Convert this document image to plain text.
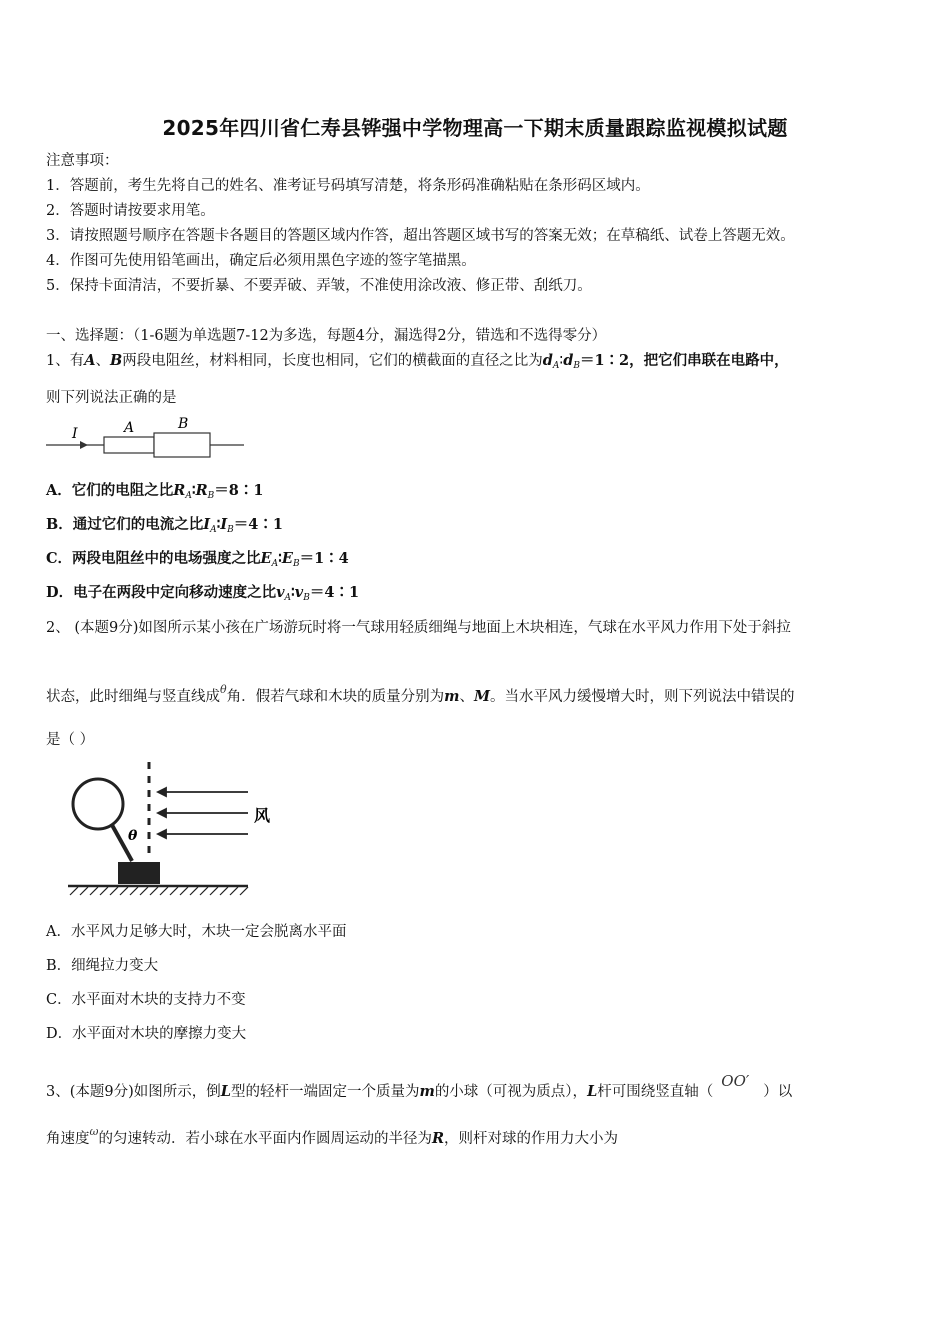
2025年四川省仁寿县铧强中学物理高一下期末质量跟踪监视模拟试题
注意事项：
1．答题前，考生先将自己的姓名、准考证号码填写清楚，将条形码准确粘贴在条形码区域内。
2．答题时请按要求用笔。
3．请按照题号顺序在答题卡各题目的答题区域内作答，超出答题区域书写的答案无效；在草稿纸、试卷上答题无效。
4．作图可先使用铅笔画出，确定后必须用黑色字迹的签字笔描黑。
5．保持卡面清洁，不要折暴、不要弄破、弄皱，不准使用涂改液、修正带、刮纸刀。
一、选择题：（1-6题为单选题7-12为多选，每题4分，漏选得2分，错选和不选得零分）
1、有A、B两段电阻丝，材料相同，长度也相同，它们的横截面的直径之比为$d_A∶d_B=1∶2$，把它们串联在电路中，
则下列说法正确的是
I	A	B
A．它们的电阻之比$R_A∶R_B=8∶1$
B．通过它们的电流之比$I_A∶I_B=4∶1$
C．两段电阻丝中的电场强度之比$E_A∶E_B=1∶4$
D．电子在两段中定向移动速度之比$v_A∶v_B=4∶1$
2、 (本题9分)如图所示某小孩在广场游玩时将一气球用轻质细绳与地面上木块相连，气球在水平风力作用下处于斜拉
状态，此时细绳与竖直线成$^\theta$角．假若气球和木块的质量分别为m、M。当水平风力缓慢增大时，则下列说法中错误的
是（ ）
风
θ
A．水平风力足够大时，木块一定会脱离水平面
B．细绳拉力变大
C．水平面对木块的支持力不变
D．水平面对木块的摩擦力变大
3、(本题9分)如图所示，倒L型的轻杆一端固定一个质量为m的小球（可视为质点），L杆可围绕竖直轴（OO′）以
角速度$^\omega$的匀速转动．若小球在水平面内作圆周运动的半径为R，则杆对球的作用力大小为
